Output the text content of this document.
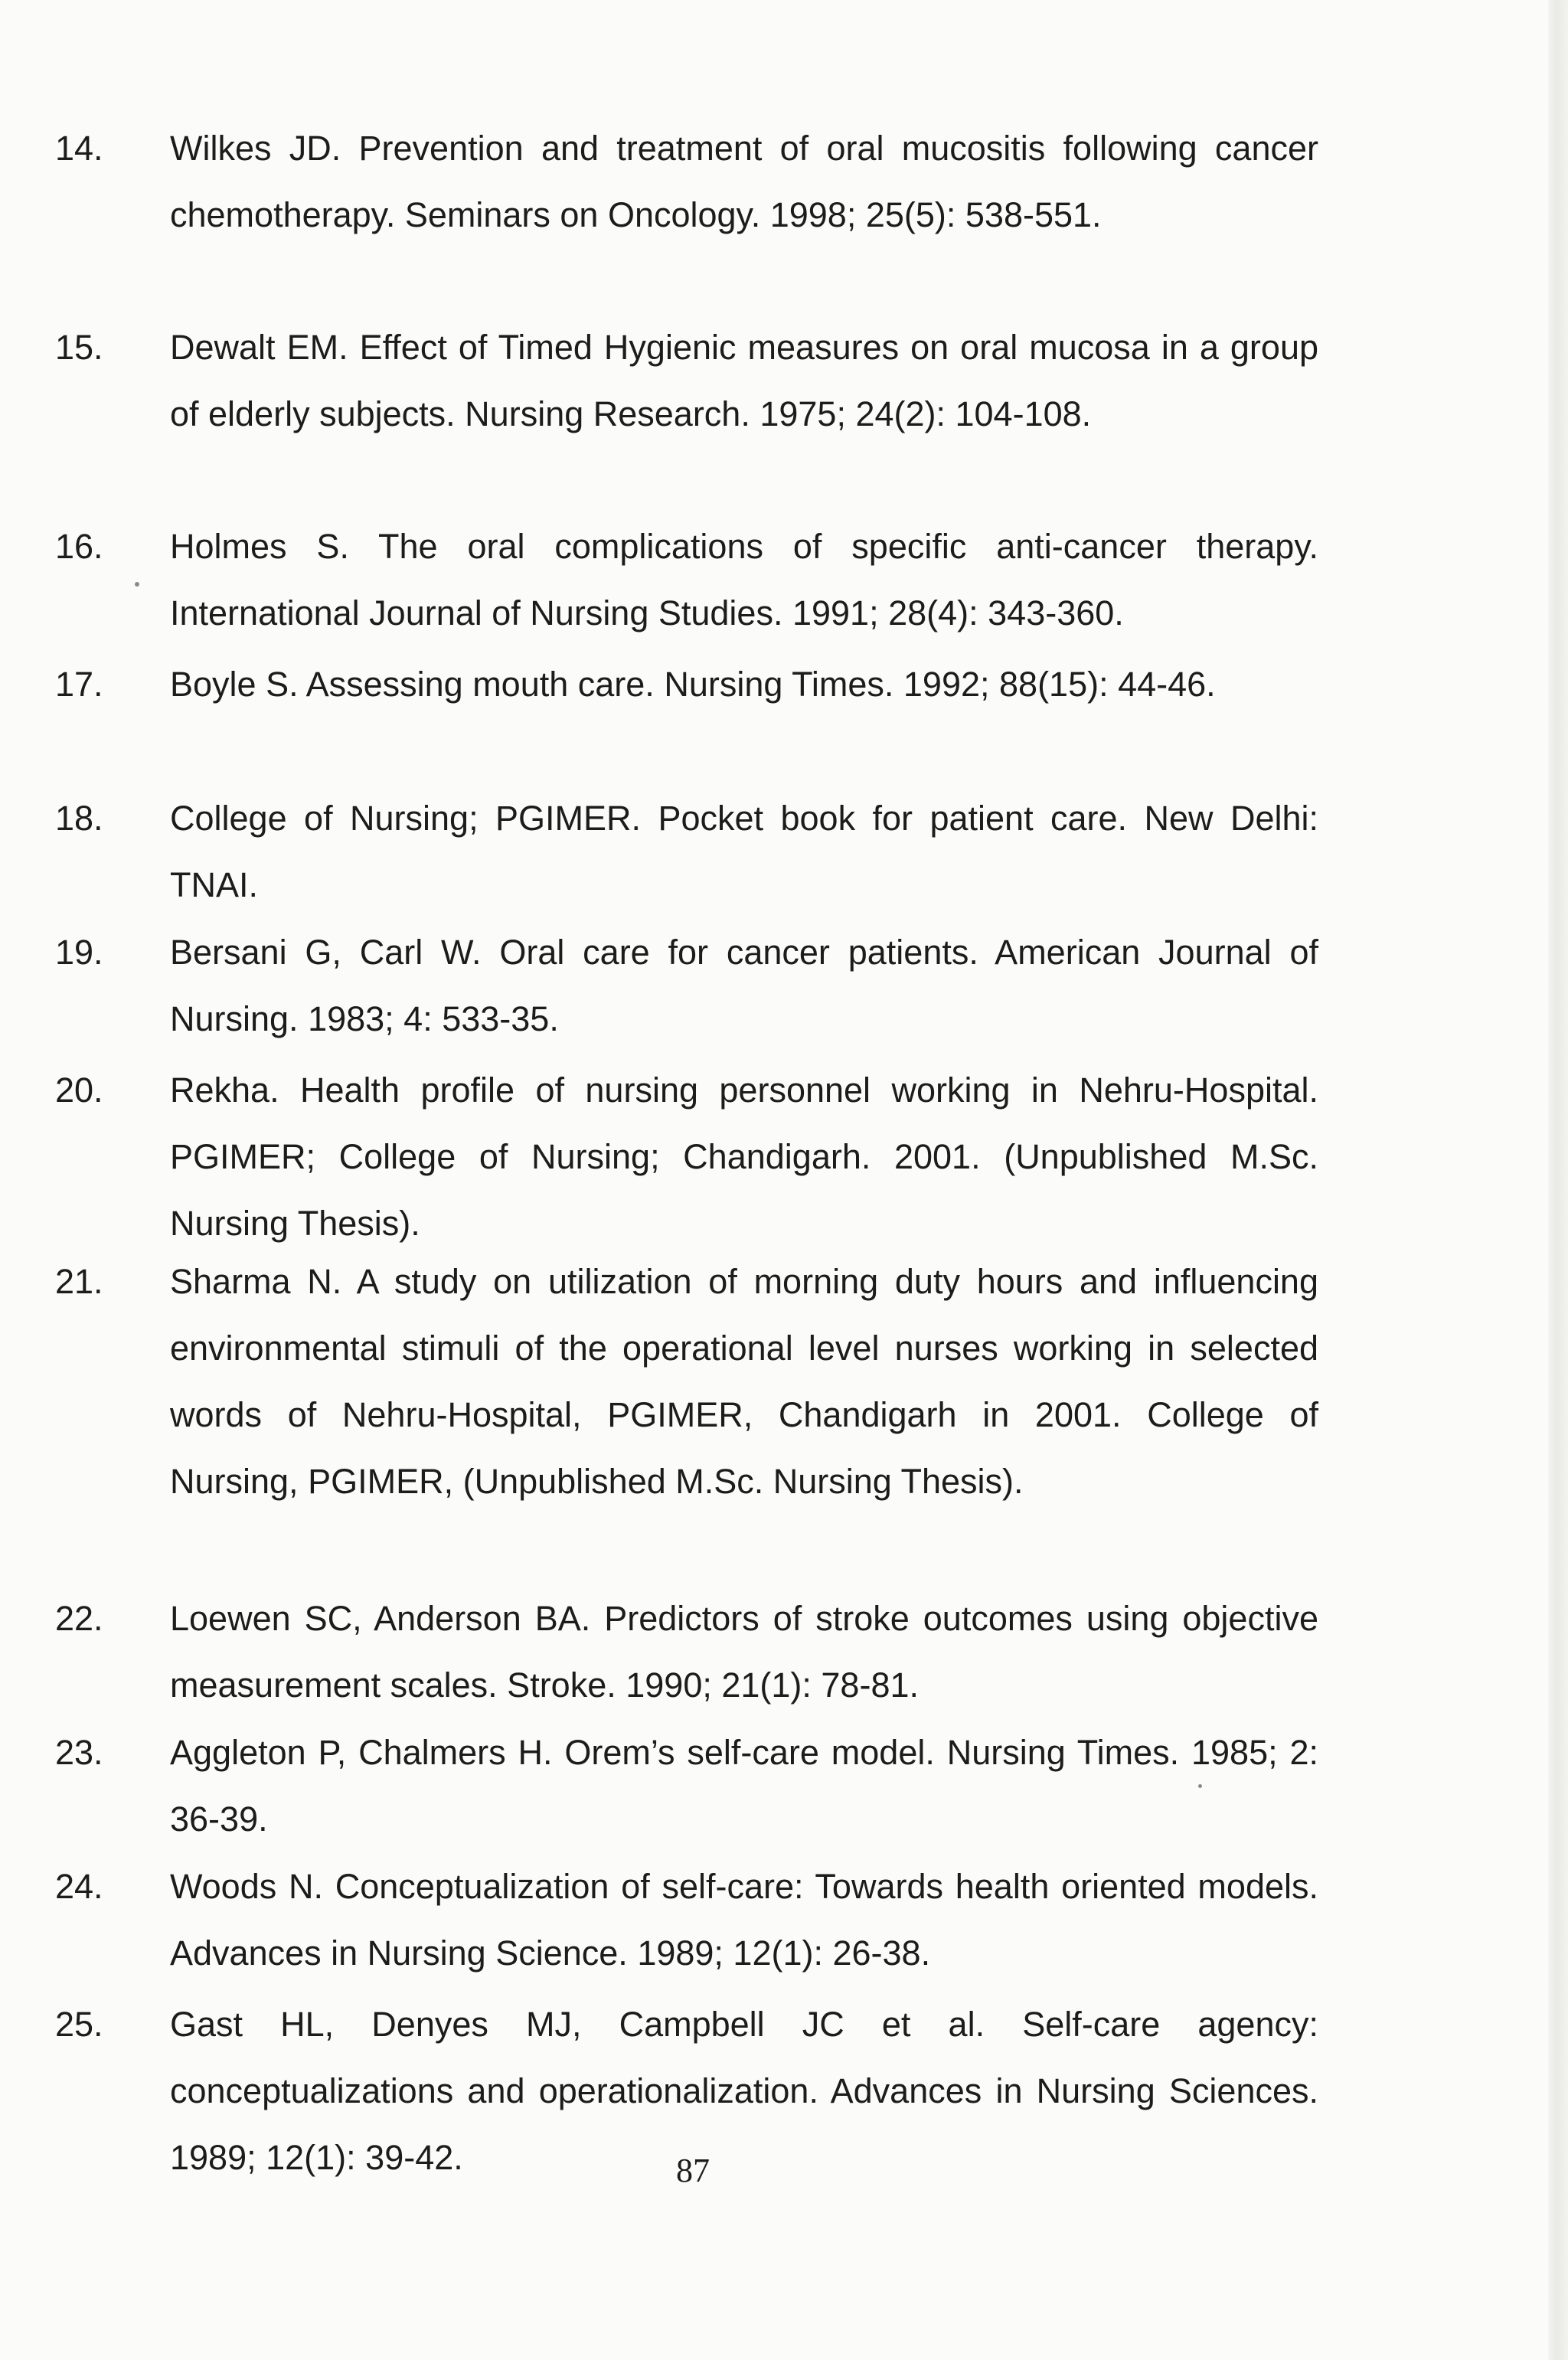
14. Wilkes JD. Prevention and treatment of oral mucositis following cancer chemotherapy. Seminars on Oncology. 1998; 25(5): 538-551.

15. Dewalt EM. Effect of Timed Hygienic measures on oral mucosa in a group of elderly subjects. Nursing Research. 1975; 24(2): 104-108.

16. Holmes S. The oral complications of specific anti-cancer therapy. International Journal of Nursing Studies. 1991; 28(4): 343-360.

17. Boyle S. Assessing mouth care. Nursing Times. 1992; 88(15): 44-46.

18. College of Nursing; PGIMER. Pocket book for patient care. New Delhi: TNAI.

19. Bersani G, Carl W. Oral care for cancer patients. American Journal of Nursing. 1983; 4: 533-35.

20. Rekha. Health profile of nursing personnel working in Nehru-Hospital. PGIMER; College of Nursing; Chandigarh. 2001. (Unpublished M.Sc. Nursing Thesis).

21. Sharma N. A study on utilization of morning duty hours and influencing environmental stimuli of the operational level nurses working in selected words of Nehru-Hospital, PGIMER, Chandigarh in 2001. College of Nursing, PGIMER, (Unpublished M.Sc. Nursing Thesis).

22. Loewen SC, Anderson BA. Predictors of stroke outcomes using objective measurement scales. Stroke. 1990; 21(1): 78-81.

23. Aggleton P, Chalmers H. Orem’s self-care model. Nursing Times. 1985; 2: 36-39.

24. Woods N. Conceptualization of self-care: Towards health oriented models. Advances in Nursing Science. 1989; 12(1): 26-38.

25. Gast HL, Denyes MJ, Campbell JC et al. Self-care agency: conceptualizations and operationalization. Advances in Nursing Sciences. 1989; 12(1): 39-42.	87
